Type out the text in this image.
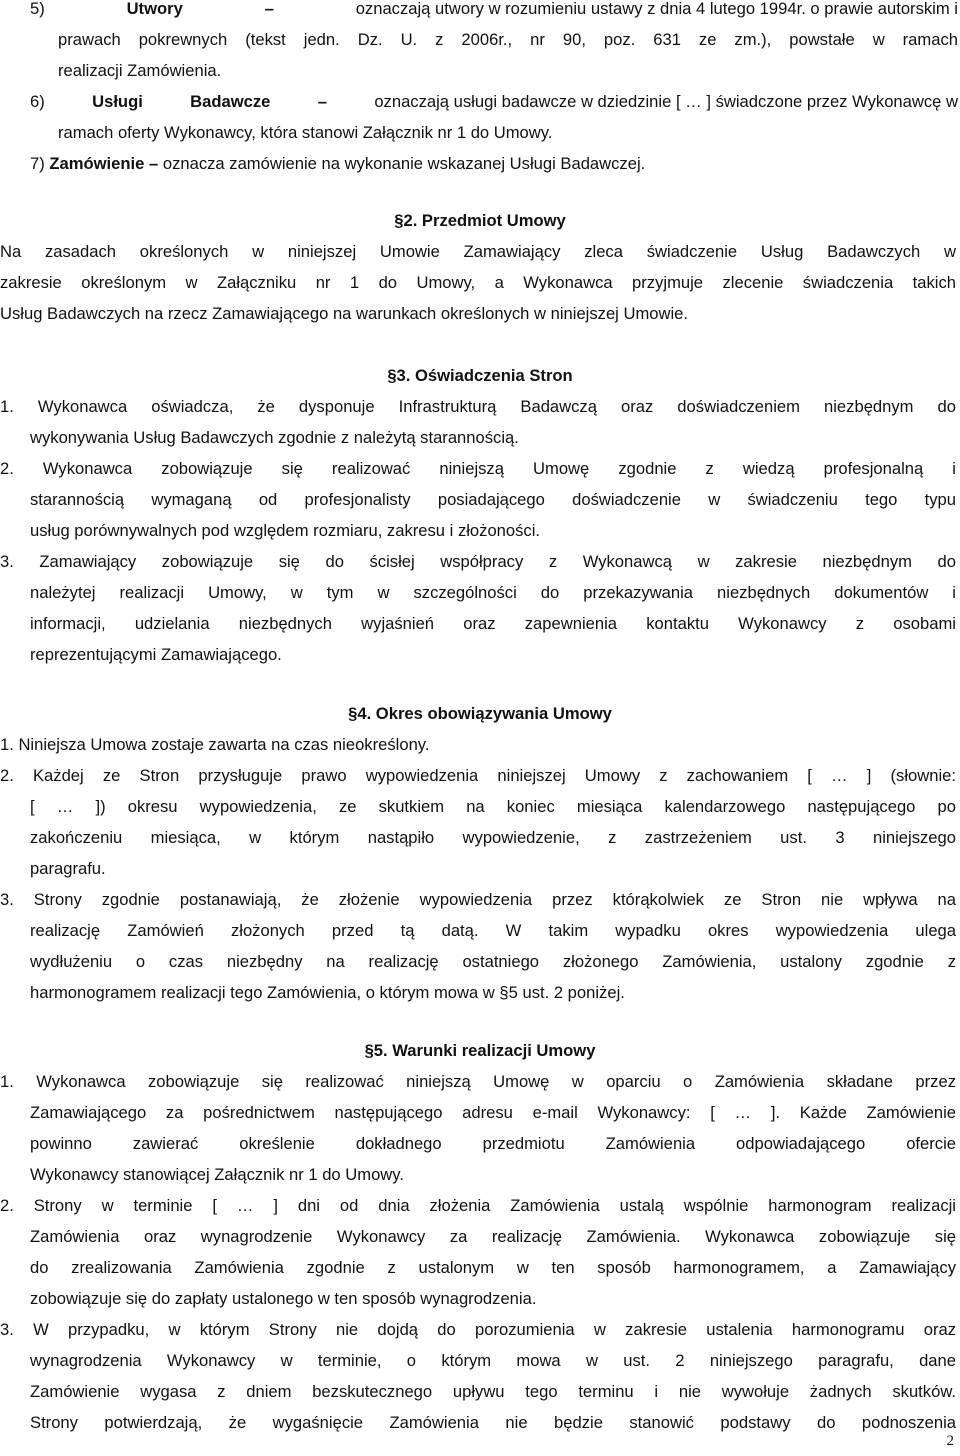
5)	Utwory	–	oznaczają utwory w rozumieniu ustawy z dnia 4 lutego 1994r. o prawie autorskim i
prawach pokrewnych (tekst jedn. Dz. U. z 2006r., nr 90, poz. 631 ze zm.), powstałe w ramach
realizacji Zamówienia.
6)	Usługi Badawcze	–	oznaczają usługi badawcze w dziedzinie [ … ] świadczone przez Wykonawcę w
ramach oferty Wykonawcy, która stanowi Załącznik nr 1 do Umowy.
7) Zamówienie – oznacza zamówienie na wykonanie wskazanej Usługi Badawczej.
§2. Przedmiot Umowy
Na zasadach określonych w niniejszej Umowie Zamawiający zleca świadczenie Usług Badawczych w
zakresie określonym w Załączniku nr 1 do Umowy, a Wykonawca przyjmuje zlecenie świadczenia takich
Usług Badawczych na rzecz Zamawiającego na warunkach określonych w niniejszej Umowie.
§3. Oświadczenia Stron
1. Wykonawca oświadcza, że dysponuje Infrastrukturą Badawczą oraz doświadczeniem niezbędnym do
wykonywania Usług Badawczych zgodnie z należytą starannością.
2. Wykonawca zobowiązuje się realizować niniejszą Umowę zgodnie z wiedzą profesjonalną i
starannością wymaganą od profesjonalisty posiadającego doświadczenie w świadczeniu tego typu
usług porównywalnych pod względem rozmiaru, zakresu i złożoności.
3. Zamawiający zobowiązuje się do ścisłej współpracy z Wykonawcą w zakresie niezbędnym do
należytej realizacji Umowy, w tym w szczególności do przekazywania niezbędnych dokumentów i
informacji, udzielania niezbędnych wyjaśnień oraz zapewnienia kontaktu Wykonawcy z osobami
reprezentującymi Zamawiającego.
§4. Okres obowiązywania Umowy
1. Niniejsza Umowa zostaje zawarta na czas nieokreślony.
2. Każdej ze Stron przysługuje prawo wypowiedzenia niniejszej Umowy z zachowaniem [ … ] (słownie:
[ … ]) okresu wypowiedzenia, ze skutkiem na koniec miesiąca kalendarzowego następującego po
zakończeniu miesiąca, w którym nastąpiło wypowiedzenie, z zastrzeżeniem ust. 3 niniejszego
paragrafu.
3. Strony zgodnie postanawiają, że złożenie wypowiedzenia przez którąkolwiek ze Stron nie wpływa na
realizację Zamówień złożonych przed tą datą. W takim wypadku okres wypowiedzenia ulega
wydłużeniu o czas niezbędny na realizację ostatniego złożonego Zamówienia, ustalony zgodnie z
harmonogramem realizacji tego Zamówienia, o którym mowa w §5 ust. 2 poniżej.
§5. Warunki realizacji Umowy
1. Wykonawca zobowiązuje się realizować niniejszą Umowę w oparciu o Zamówienia składane przez
Zamawiającego za pośrednictwem następującego adresu e-mail Wykonawcy: [ … ]. Każde Zamówienie
powinno zawierać określenie dokładnego przedmiotu Zamówienia odpowiadającego ofercie
Wykonawcy stanowiącej Załącznik nr 1 do Umowy.
2. Strony w terminie [ … ] dni od dnia złożenia Zamówienia ustalą wspólnie harmonogram realizacji
Zamówienia oraz wynagrodzenie Wykonawcy za realizację Zamówienia. Wykonawca zobowiązuje się
do zrealizowania Zamówienia zgodnie z ustalonym w ten sposób harmonogramem, a Zamawiający
zobowiązuje się do zapłaty ustalonego w ten sposób wynagrodzenia.
3. W przypadku, w którym Strony nie dojdą do porozumienia w zakresie ustalenia harmonogramu oraz
wynagrodzenia Wykonawcy w terminie, o którym mowa w ust. 2 niniejszego paragrafu, dane
Zamówienie wygasa z dniem bezskutecznego upływu tego terminu i nie wywołuje żadnych skutków.
Strony potwierdzają, że wygaśnięcie Zamówienia nie będzie stanowić podstawy do podnoszenia
2
